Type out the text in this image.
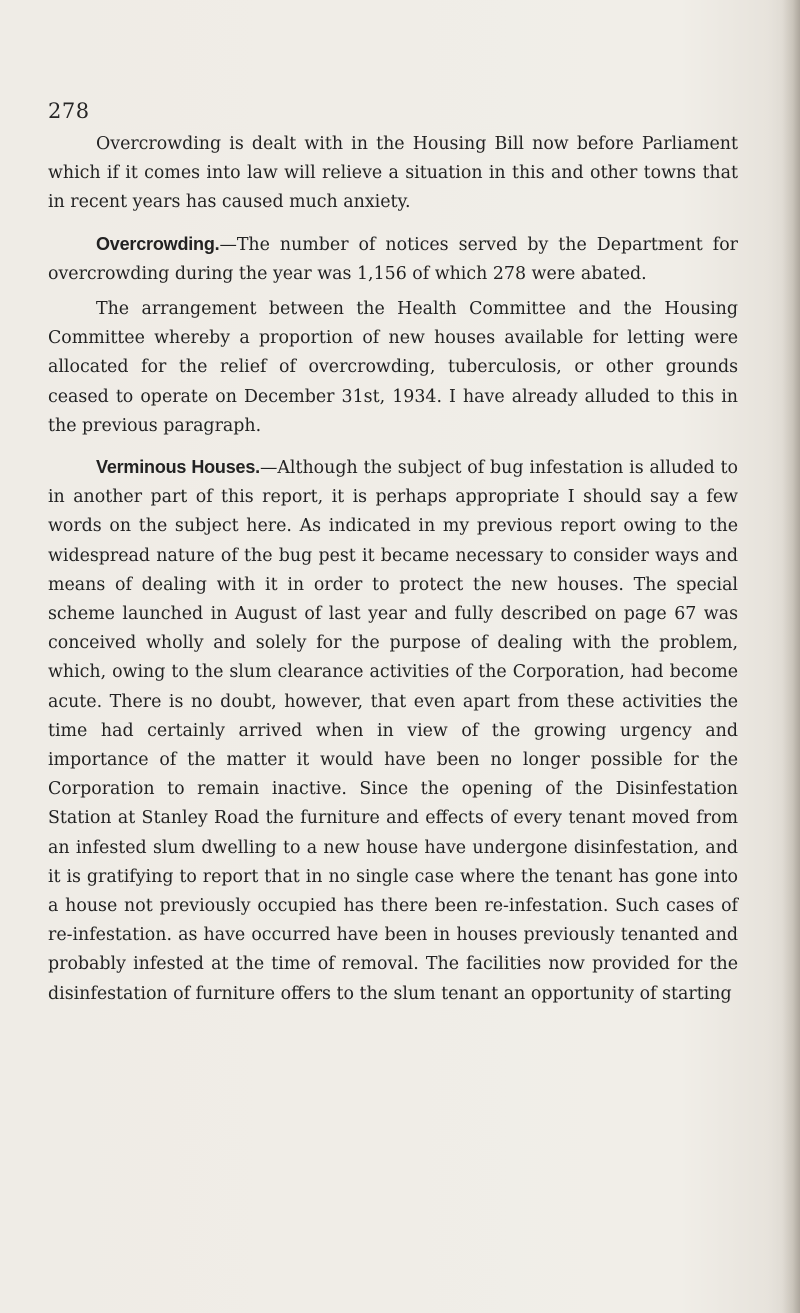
278

Overcrowding is dealt with in the Housing Bill now before Parliament which if it comes into law will relieve a situation in this and other towns that in recent years has caused much anxiety.

Overcrowding.—The number of notices served by the Department for overcrowding during the year was 1,156 of which 278 were abated.

The arrangement between the Health Committee and the Housing Committee whereby a proportion of new houses available for letting were allocated for the relief of overcrowding, tuberculosis, or other grounds ceased to operate on December 31st, 1934. I have already alluded to this in the previous paragraph.

Verminous Houses.—Although the subject of bug infestation is alluded to in another part of this report, it is perhaps appropriate I should say a few words on the subject here. As indicated in my previous report owing to the widespread nature of the bug pest it became necessary to consider ways and means of dealing with it in order to protect the new houses. The special scheme launched in August of last year and fully described on page 67 was conceived wholly and solely for the purpose of dealing with the problem, which, owing to the slum clearance activities of the Corporation, had become acute. There is no doubt, however, that even apart from these activities the time had certainly arrived when in view of the growing urgency and importance of the matter it would have been no longer possible for the Corporation to remain inactive. Since the opening of the Disinfestation Station at Stanley Road the furniture and effects of every tenant moved from an infested slum dwelling to a new house have undergone disinfestation, and it is gratifying to report that in no single case where the tenant has gone into a house not previously occupied has there been re-infestation. Such cases of re-infestation. as have occurred have been in houses previously tenanted and probably infested at the time of removal. The facilities now provided for the disinfestation of furniture offers to the slum tenant an opportunity of starting
